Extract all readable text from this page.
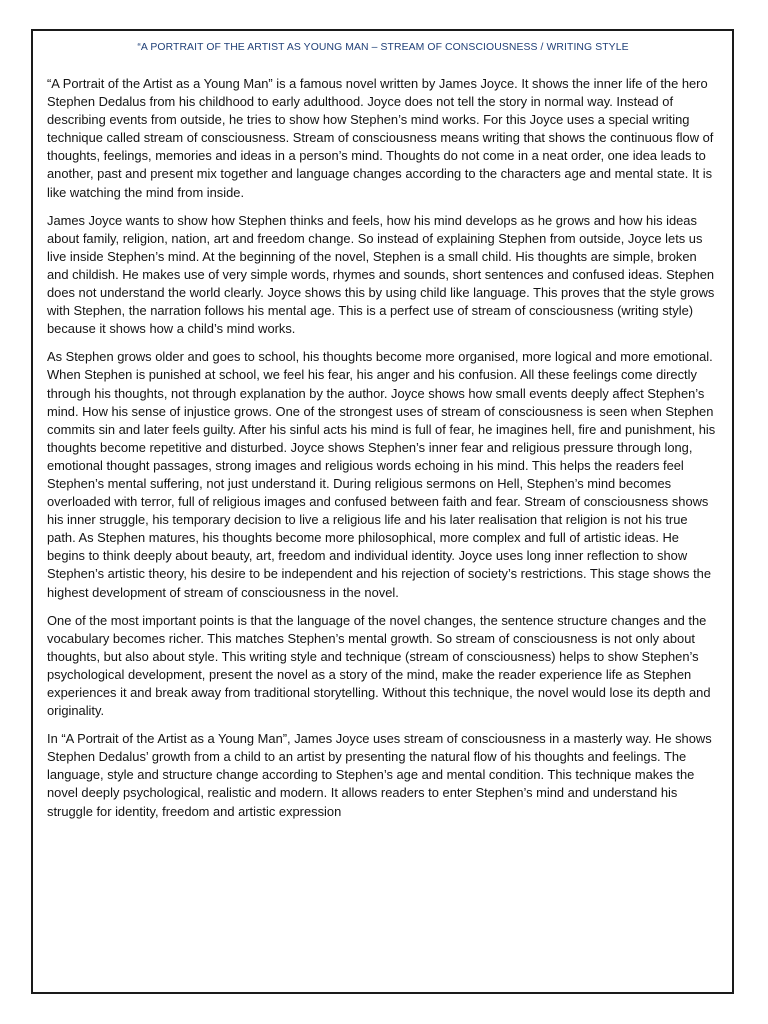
“A PORTRAIT OF THE ARTIST AS YOUNG MAN – STREAM OF CONSCIOUSNESS / WRITING STYLE

“A Portrait of the Artist as a Young Man” is a famous novel written by James Joyce. It shows the inner life of the hero Stephen Dedalus from his childhood to early adulthood. Joyce does not tell the story in normal way. Instead of describing events from outside, he tries to show how Stephen’s mind works. For this Joyce uses a special writing technique called stream of consciousness. Stream of consciousness means writing that shows the continuous flow of thoughts, feelings, memories and ideas in a person’s mind. Thoughts do not come in a neat order, one idea leads to another, past and present mix together and language changes according to the characters age and mental state. It is like watching the mind from inside.

James Joyce wants to show how Stephen thinks and feels, how his mind develops as he grows and how his ideas about family, religion, nation, art and freedom change. So instead of explaining Stephen from outside, Joyce lets us live inside Stephen’s mind. At the beginning of the novel, Stephen is a small child. His thoughts are simple, broken and childish. He makes use of very simple words, rhymes and sounds, short sentences and confused ideas. Stephen does not understand the world clearly. Joyce shows this by using child like language. This proves that the style grows with Stephen, the narration follows his mental age. This is a perfect use of stream of consciousness (writing style) because it shows how a child’s mind works.

As Stephen grows older and goes to school, his thoughts become more organised, more logical and more emotional. When Stephen is punished at school, we feel his fear, his anger and his confusion. All these feelings come directly through his thoughts, not through explanation by the author. Joyce shows how small events deeply affect Stephen’s mind. How his sense of injustice grows. One of the strongest uses of stream of consciousness is seen when Stephen commits sin and later feels guilty. After his sinful acts his mind is full of fear, he imagines hell, fire and punishment, his thoughts become repetitive and disturbed. Joyce shows Stephen’s inner fear and religious pressure through long, emotional thought passages, strong images and religious words echoing in his mind. This helps the readers feel Stephen’s mental suffering, not just understand it. During religious sermons on Hell, Stephen’s mind becomes overloaded with terror, full of religious images and confused between faith and fear. Stream of consciousness shows his inner struggle, his temporary decision to live a religious life and his later realisation that religion is not his true path. As Stephen matures, his thoughts become more philosophical, more complex and full of artistic ideas. He begins to think deeply about beauty, art, freedom and individual identity. Joyce uses long inner reflection to show Stephen’s artistic theory, his desire to be independent and his rejection of society’s restrictions. This stage shows the highest development of stream of consciousness in the novel.

One of the most important points is that the language of the novel changes, the sentence structure changes and the vocabulary becomes richer. This matches Stephen’s mental growth. So stream of consciousness is not only about thoughts, but also about style. This writing style and technique (stream of consciousness) helps to show Stephen’s psychological development, present the novel as a story of the mind, make the reader experience life as Stephen experiences it and break away from traditional storytelling. Without this technique, the novel would lose its depth and originality.

In “A Portrait of the Artist as a Young Man”, James Joyce uses stream of consciousness in a masterly way. He shows Stephen Dedalus’ growth from a child to an artist by presenting the natural flow of his thoughts and feelings. The language, style and structure change according to Stephen’s age and mental condition. This technique makes the novel deeply psychological, realistic and modern. It allows readers to enter Stephen’s mind and understand his struggle for identity, freedom and artistic expression
